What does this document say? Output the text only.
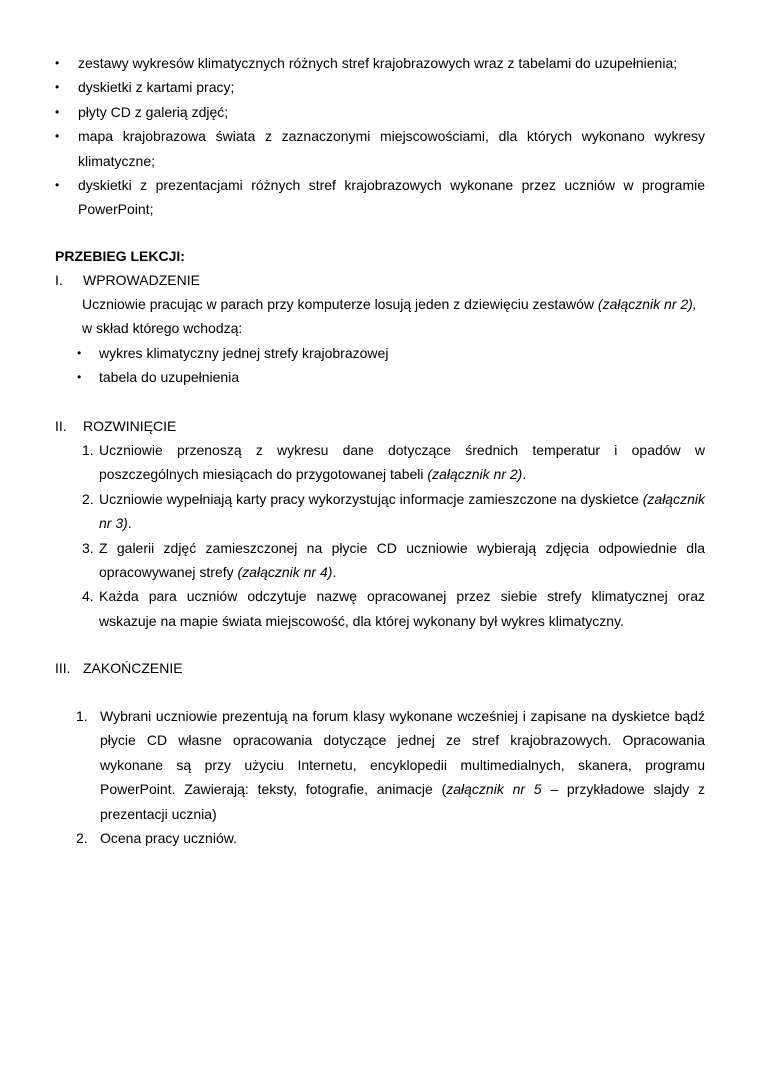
• zestawy wykresów klimatycznych różnych stref krajobrazowych wraz z tabelami do uzupełnienia;
• dyskietki z kartami pracy;
• płyty CD z galerią zdjęć;
• mapa krajobrazowa świata z zaznaczonymi miejscowościami, dla których wykonano wykresy klimatyczne;
• dyskietki z prezentacjami różnych stref krajobrazowych wykonane przez uczniów w programie PowerPoint;
PRZEBIEG LEKCJI:
I. WPROWADZENIE
Uczniowie pracując w parach przy komputerze losują jeden z dziewięciu zestawów (załącznik nr 2), w skład którego wchodzą:
• wykres klimatyczny jednej strefy krajobrazowej
• tabela do uzupełnienia
II. ROZWINIĘCIE
1. Uczniowie przenoszą z wykresu dane dotyczące średnich temperatur i opadów w poszczególnych miesiącach do przygotowanej tabeli (załącznik nr 2).
2. Uczniowie wypełniają karty pracy wykorzystując informacje zamieszczone na dyskietce (załącznik nr 3).
3. Z galerii zdjęć zamieszczonej na płycie CD uczniowie wybierają zdjęcia odpowiednie dla opracowywanej strefy (załącznik nr 4).
4. Każda para uczniów odczytuje nazwę opracowanej przez siebie strefy klimatycznej oraz wskazuje na mapie świata miejscowość, dla której wykonany był wykres klimatyczny.
III. ZAKOŃCZENIE
1. Wybrani uczniowie prezentują na forum klasy wykonane wcześniej i zapisane na dyskietce bądź płycie CD własne opracowania dotyczące jednej ze stref krajobrazowych. Opracowania wykonane są przy użyciu Internetu, encyklopedii multimedialnych, skanera, programu PowerPoint. Zawierają: teksty, fotografie, animacje (załącznik nr 5 – przykładowe slajdy z prezentacji ucznia)
2. Ocena pracy uczniów.
